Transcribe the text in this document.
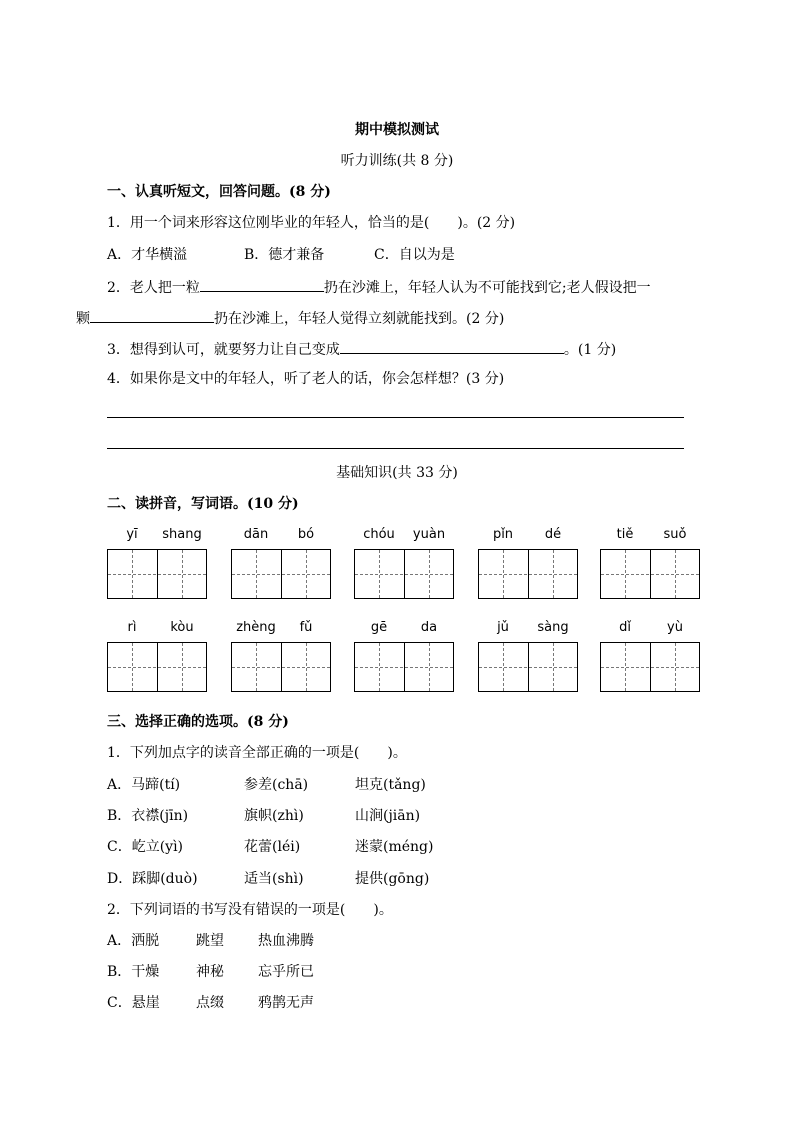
期中模拟测试
听力训练(共 8 分)
一、认真听短文，回答问题。(8 分)
1．用一个词来形容这位刚毕业的年轻人，恰当的是(　　)。(2 分)
A．才华横溢	B．德才兼备	C．自以为是
2．老人把一粒	扔在沙滩上，年轻人认为不可能找到它;老人假设把一
颗	扔在沙滩上，年轻人觉得立刻就能找到。(2 分)
3．想得到认可，就要努力让自己变成	。(1 分)
4．如果你是文中的年轻人，听了老人的话，你会怎样想？(3 分)
基础知识(共 33 分)
二、读拼音，写词语。(10 分)
yī	shang	dān	bó	chóu	yuàn	pǐn	dé	tiě	suǒ
rì	kòu	zhèng	fǔ	gē	da	jǔ	sàng	dǐ	yù
三、选择正确的选项。(8 分)
1．下列加点字的读音全部正确的一项是(　　)。
A．马蹄(tí)	参差(chā)	坦克(tǎng)
B．衣襟(jīn)	旗帜(zhì)	山涧(jiān)
C．屹立(yì)	花蕾(léi)	迷蒙(méng)
D．踩脚(duò)	适当(shì)	提供(gōng)
2．下列词语的书写没有错误的一项是(　　)。
A．洒脱	跳望 热血沸腾
B．干燥	神秘 忘乎所已
C．悬崖	点缀 鸦鹊无声
